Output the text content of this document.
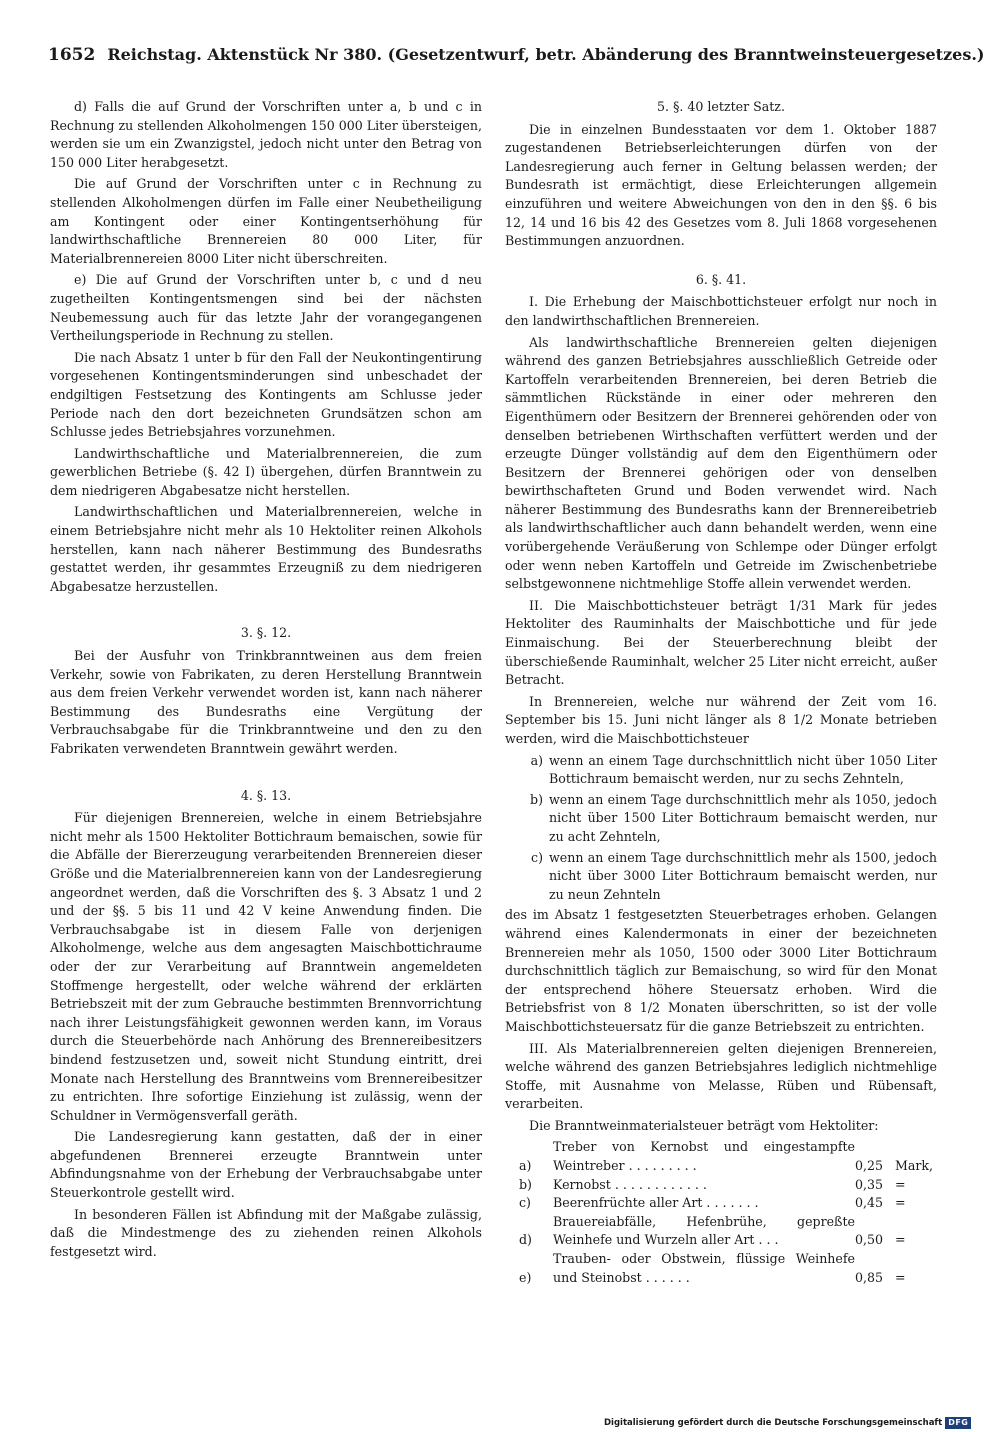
1652 Reichstag. Aktenstück Nr 380. (Gesetzentwurf, betr. Abänderung des Branntweinsteuergesetzes.)

d) Falls die auf Grund der Vorschriften unter a, b und c in Rechnung zu stellenden Alkoholmengen 150 000 Liter übersteigen, werden sie um ein Zwanzigstel, jedoch nicht unter den Betrag von 150 000 Liter herabgesetzt.

Die auf Grund der Vorschriften unter c in Rechnung zu stellenden Alkoholmengen dürfen im Falle einer Neubetheiligung am Kontingent oder einer Kontingentserhöhung für landwirthschaftliche Brennereien 80 000 Liter, für Materialbrennereien 8000 Liter nicht überschreiten.

e) Die auf Grund der Vorschriften unter b, c und d neu zugetheilten Kontingentsmengen sind bei der nächsten Neubemessung auch für das letzte Jahr der vorangegangenen Vertheilungsperiode in Rechnung zu stellen.

Die nach Absatz 1 unter b für den Fall der Neukontingentirung vorgesehenen Kontingentsminderungen sind unbeschadet der endgiltigen Festsetzung des Kontingents am Schlusse jeder Periode nach den dort bezeichneten Grundsätzen schon am Schlusse jedes Betriebsjahres vorzunehmen.

Landwirthschaftliche und Materialbrennereien, die zum gewerblichen Betriebe (§. 42 I) übergehen, dürfen Branntwein zu dem niedrigeren Abgabesatze nicht herstellen.

Landwirthschaftlichen und Materialbrennereien, welche in einem Betriebsjahre nicht mehr als 10 Hektoliter reinen Alkohols herstellen, kann nach näherer Bestimmung des Bundesraths gestattet werden, ihr gesammtes Erzeugniß zu dem niedrigeren Abgabesatze herzustellen.

3. §. 12.

Bei der Ausfuhr von Trinkbranntweinen aus dem freien Verkehr, sowie von Fabrikaten, zu deren Herstellung Branntwein aus dem freien Verkehr verwendet worden ist, kann nach näherer Bestimmung des Bundesraths eine Vergütung der Verbrauchsabgabe für die Trinkbranntweine und den zu den Fabrikaten verwendeten Branntwein gewährt werden.

4. §. 13.

Für diejenigen Brennereien, welche in einem Betriebsjahre nicht mehr als 1500 Hektoliter Bottichraum bemaischen, sowie für die Abfälle der Biererzeugung verarbeitenden Brennereien dieser Größe und die Materialbrennereien kann von der Landesregierung angeordnet werden, daß die Vorschriften des §. 3 Absatz 1 und 2 und der §§. 5 bis 11 und 42 V keine Anwendung finden. Die Verbrauchsabgabe ist in diesem Falle von derjenigen Alkoholmenge, welche aus dem angesagten Maischbottichraume oder der zur Verarbeitung auf Branntwein angemeldeten Stoffmenge hergestellt, oder welche während der erklärten Betriebszeit mit der zum Gebrauche bestimmten Brennvorrichtung nach ihrer Leistungsfähigkeit gewonnen werden kann, im Voraus durch die Steuerbehörde nach Anhörung des Brennereibesitzers bindend festzusetzen und, soweit nicht Stundung eintritt, drei Monate nach Herstellung des Branntweins vom Brennereibesitzer zu entrichten. Ihre sofortige Einziehung ist zulässig, wenn der Schuldner in Vermögensverfall geräth.

Die Landesregierung kann gestatten, daß der in einer abgefundenen Brennerei erzeugte Branntwein unter Abfindungsnahme von der Erhebung der Verbrauchsabgabe unter Steuerkontrole gestellt wird.

In besonderen Fällen ist Abfindung mit der Maßgabe zulässig, daß die Mindestmenge des zu ziehenden reinen Alkohols festgesetzt wird.

5. §. 40 letzter Satz.

Die in einzelnen Bundesstaaten vor dem 1. Oktober 1887 zugestandenen Betriebserleichterungen dürfen von der Landesregierung auch ferner in Geltung belassen werden; der Bundesrath ist ermächtigt, diese Erleichterungen allgemein einzuführen und weitere Abweichungen von den in den §§. 6 bis 12, 14 und 16 bis 42 des Gesetzes vom 8. Juli 1868 vorgesehenen Bestimmungen anzuordnen.

6. §. 41.

I. Die Erhebung der Maischbottichsteuer erfolgt nur noch in den landwirthschaftlichen Brennereien.

Als landwirthschaftliche Brennereien gelten diejenigen während des ganzen Betriebsjahres ausschließlich Getreide oder Kartoffeln verarbeitenden Brennereien, bei deren Betrieb die sämmtlichen Rückstände in einer oder mehreren den Eigenthümern oder Besitzern der Brennerei gehörenden oder von denselben betriebenen Wirthschaften verfüttert werden und der erzeugte Dünger vollständig auf dem den Eigenthümern oder Besitzern der Brennerei gehörigen oder von denselben bewirthschafteten Grund und Boden verwendet wird. Nach näherer Bestimmung des Bundesraths kann der Brennereibetrieb als landwirthschaftlicher auch dann behandelt werden, wenn eine vorübergehende Veräußerung von Schlempe oder Dünger erfolgt oder wenn neben Kartoffeln und Getreide im Zwischenbetriebe selbstgewonnene nichtmehlige Stoffe allein verwendet werden.

II. Die Maischbottichsteuer beträgt 1/31 Mark für jedes Hektoliter des Rauminhalts der Maischbottiche und für jede Einmaischung. Bei der Steuerberechnung bleibt der überschießende Rauminhalt, welcher 25 Liter nicht erreicht, außer Betracht.

In Brennereien, welche nur während der Zeit vom 16. September bis 15. Juni nicht länger als 8 1/2 Monate betrieben werden, wird die Maischbottichsteuer

a) wenn an einem Tage durchschnittlich nicht über 1050 Liter Bottichraum bemaischt werden, nur zu sechs Zehnteln,
b) wenn an einem Tage durchschnittlich mehr als 1050, jedoch nicht über 1500 Liter Bottichraum bemaischt werden, nur zu acht Zehnteln,
c) wenn an einem Tage durchschnittlich mehr als 1500, jedoch nicht über 3000 Liter Bottichraum bemaischt werden, nur zu neun Zehnteln

des im Absatz 1 festgesetzten Steuerbetrages erhoben. Gelangen während eines Kalendermonats in einer der bezeichneten Brennereien mehr als 1050, 1500 oder 3000 Liter Bottichraum durchschnittlich täglich zur Bemaischung, so wird für den Monat der entsprechend höhere Steuersatz erhoben. Wird die Betriebsfrist von 8 1/2 Monaten überschritten, so ist der volle Maischbottichsteuersatz für die ganze Betriebszeit zu entrichten.

III. Als Materialbrennereien gelten diejenigen Brennereien, welche während des ganzen Betriebsjahres lediglich nichtmehlige Stoffe, mit Ausnahme von Melasse, Rüben und Rübensaft, verarbeiten.

Die Branntweinmaterialsteuer beträgt vom Hektoliter:

a)
Treber von Kernobst und eingestampfte Weintreber . . . . . . . . .	0,25 Mark,
b)	Kernobst . . . . . . . . . . . .	0,35 =
c)	Beerenfrüchte aller Art . . . . . . .	0,45 =
d)
Brauereiabfälle, Hefenbrühe, gepreßte Weinhefe und Wurzeln aller Art . . .	0,50 =
e)
Trauben- oder Obstwein, flüssige Weinhefe und Steinobst . . . . . .	0,85 =
Digitalisierung gefördert durch die Deutsche Forschungsgemeinschaft DFG
